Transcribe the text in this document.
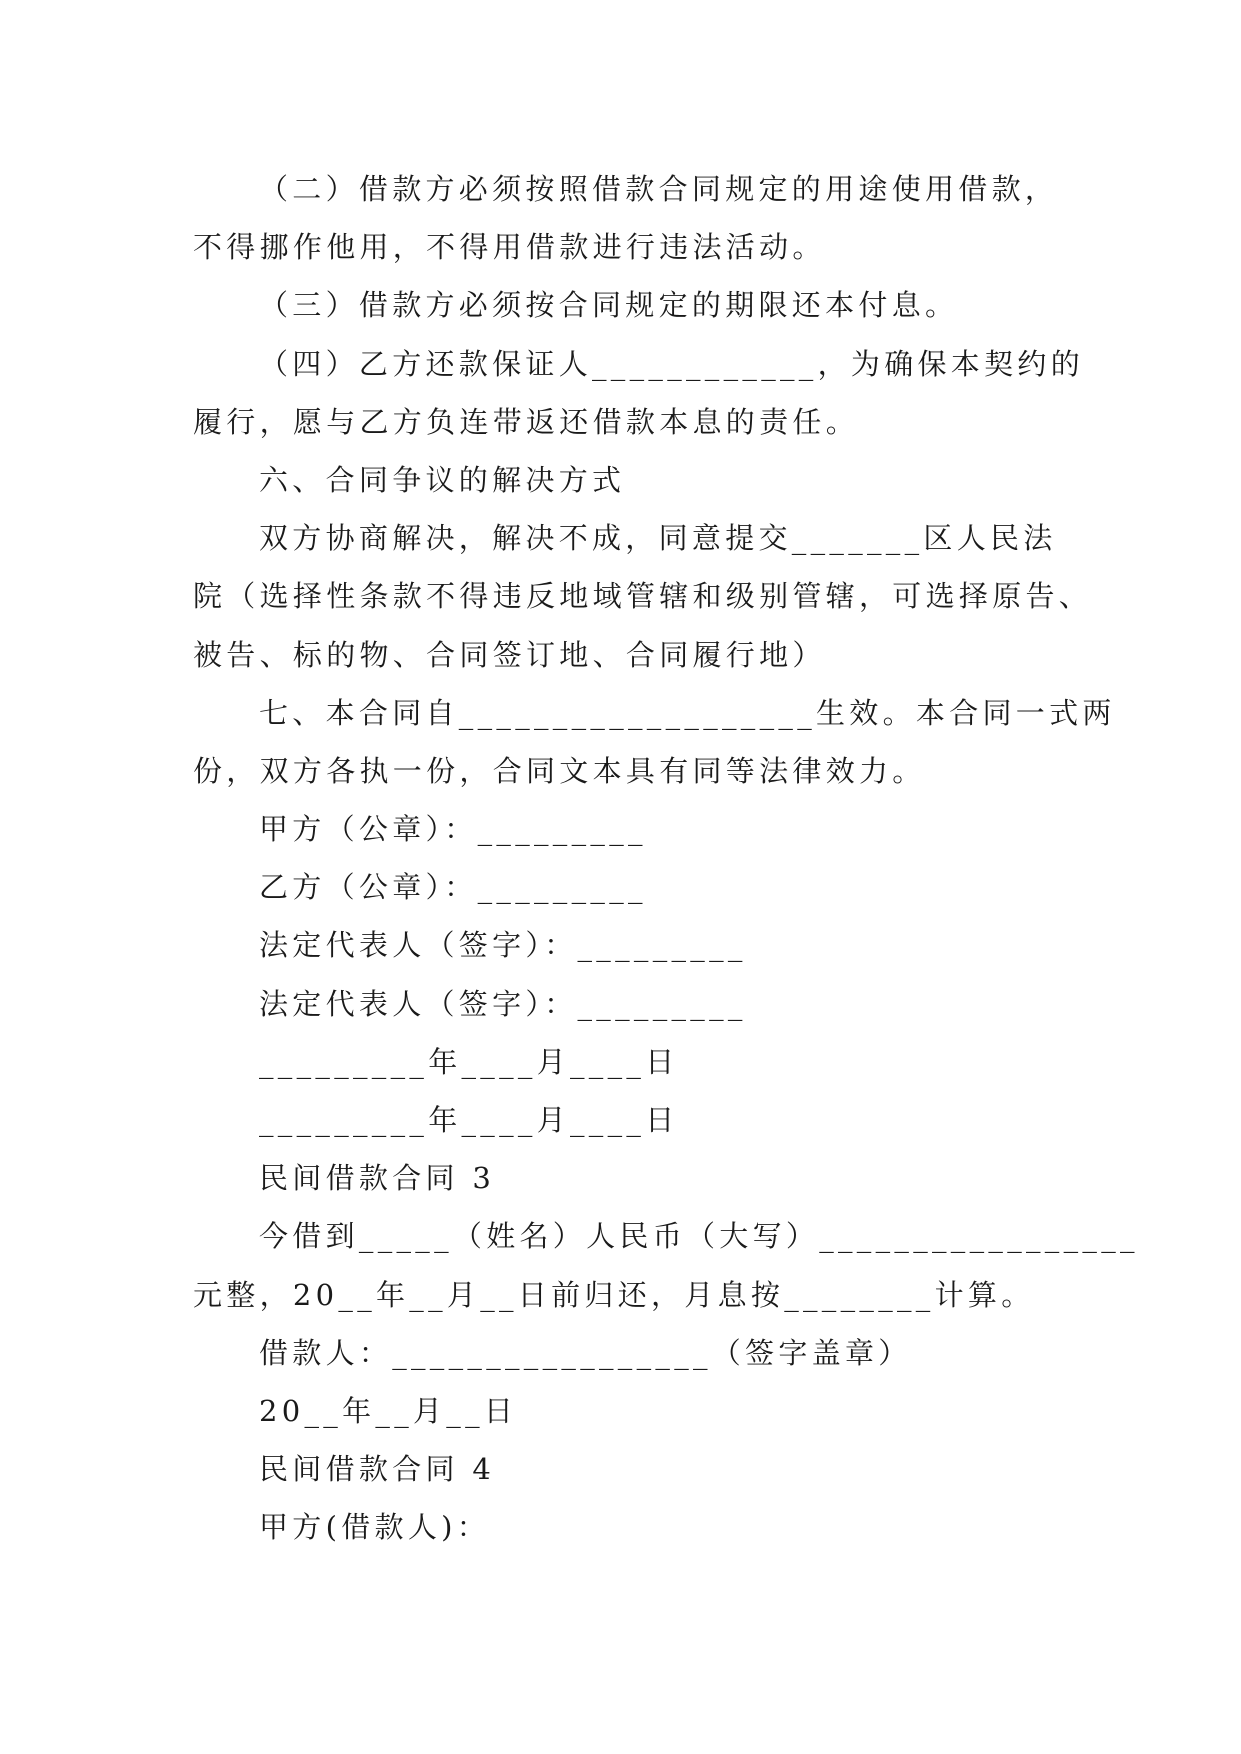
（二）借款方必须按照借款合同规定的用途使用借款，
不得挪作他用，不得用借款进行违法活动。
（三）借款方必须按合同规定的期限还本付息。
（四）乙方还款保证人____________，为确保本契约的
履行，愿与乙方负连带返还借款本息的责任。
六、合同争议的解决方式
双方协商解决，解决不成，同意提交_______区人民法
院（选择性条款不得违反地域管辖和级别管辖，可选择原告、
被告、标的物、合同签订地、合同履行地）
七、本合同自___________________生效。本合同一式两
份，双方各执一份，合同文本具有同等法律效力。
甲方（公章）：_________
乙方（公章）：_________
法定代表人（签字）：_________
法定代表人（签字）：_________
_________年____月____日
_________年____月____日
民间借款合同 3
今借到_____（姓名）人民币（大写）_________________
元整，20__年__月__日前归还，月息按________计算。
借款人：_________________（签字盖章）
20__年__月__日
民间借款合同 4
甲方(借款人)：
